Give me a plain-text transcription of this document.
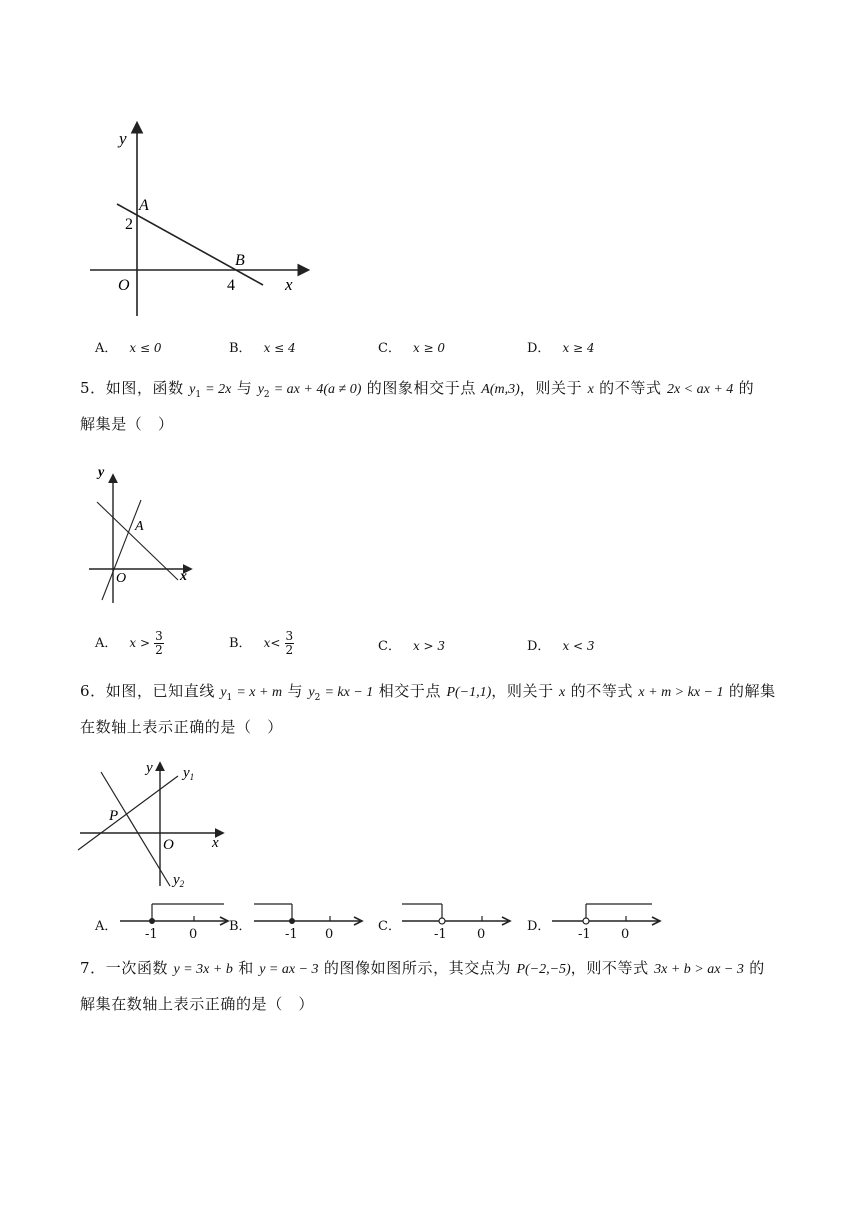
y
A
2
B
O	4	x
A． x ≤ 0	B． x ≤ 4	C． x ≥ 0	D． x ≥ 4
5．如图，函数 $y_1 = 2x$ 与 $y_2$ = ax + 4(a ≠ 0) 的图象相交于点 A(m,3)，则关于 x 的不等式 2x < ax + 4 的
解集是（　）
y
A
O	x
A． $x > \frac{3}{2}$	B． $x< \frac{3}{2}$	C． x > 3	D． x < 3
6．如图，已知直线 $y_1 = x + m$ 与 $y_2$ = kx − 1 相交于点 P(−1,1)，则关于 x 的不等式 x + m > kx − 1 的解集
在数轴上表示正确的是（　）
y $y_1$
P
O	x
$y_2$
A．
-1 0
B．
-1 0
C．
-1 0
D．
-1 0
7．一次函数 y = 3x + b 和 y = ax − 3 的图像如图所示，其交点为 P(−2,−5)，则不等式 3x + b > ax − 3 的
解集在数轴上表示正确的是（　）
